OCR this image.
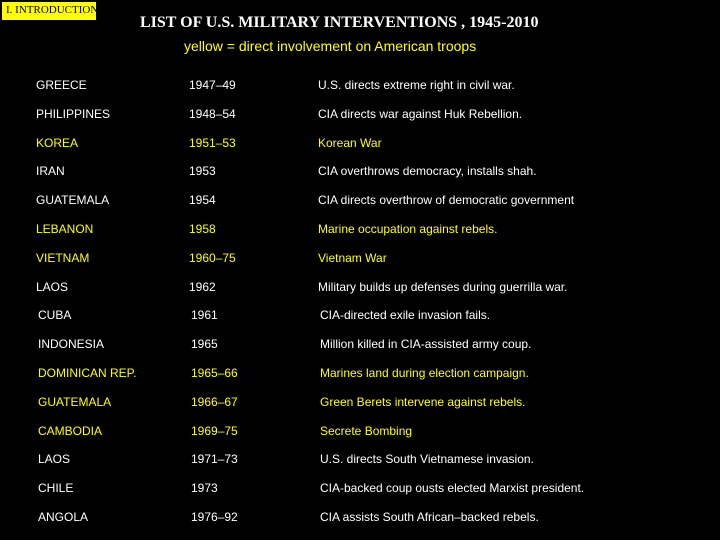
I. INTRODUCTION
LIST OF U.S. MILITARY INTERVENTIONS , 1945-2010
yellow = direct involvement on American troops
GREECE	1947–49	U.S. directs extreme right in civil war.
PHILIPPINES	1948–54	CIA directs war against Huk Rebellion.
KOREA	1951–53	Korean War
IRAN	1953	CIA overthrows democracy, installs shah.
GUATEMALA	1954	CIA directs overthrow of democratic government
LEBANON	1958	Marine occupation against rebels.
VIETNAM	1960–75	Vietnam War
LAOS	1962	Military builds up defenses during guerrilla war.
CUBA	1961	CIA-directed exile invasion fails.
INDONESIA	1965	Million killed in CIA-assisted army coup.
DOMINICAN REP.	1965–66	Marines land during election campaign.
GUATEMALA	1966–67	Green Berets intervene against rebels.
CAMBODIA	1969–75	Secrete Bombing
LAOS	1971–73	U.S. directs South Vietnamese invasion.
CHILE	1973	CIA-backed coup ousts elected Marxist president.
ANGOLA	1976–92	CIA assists South African–backed rebels.
